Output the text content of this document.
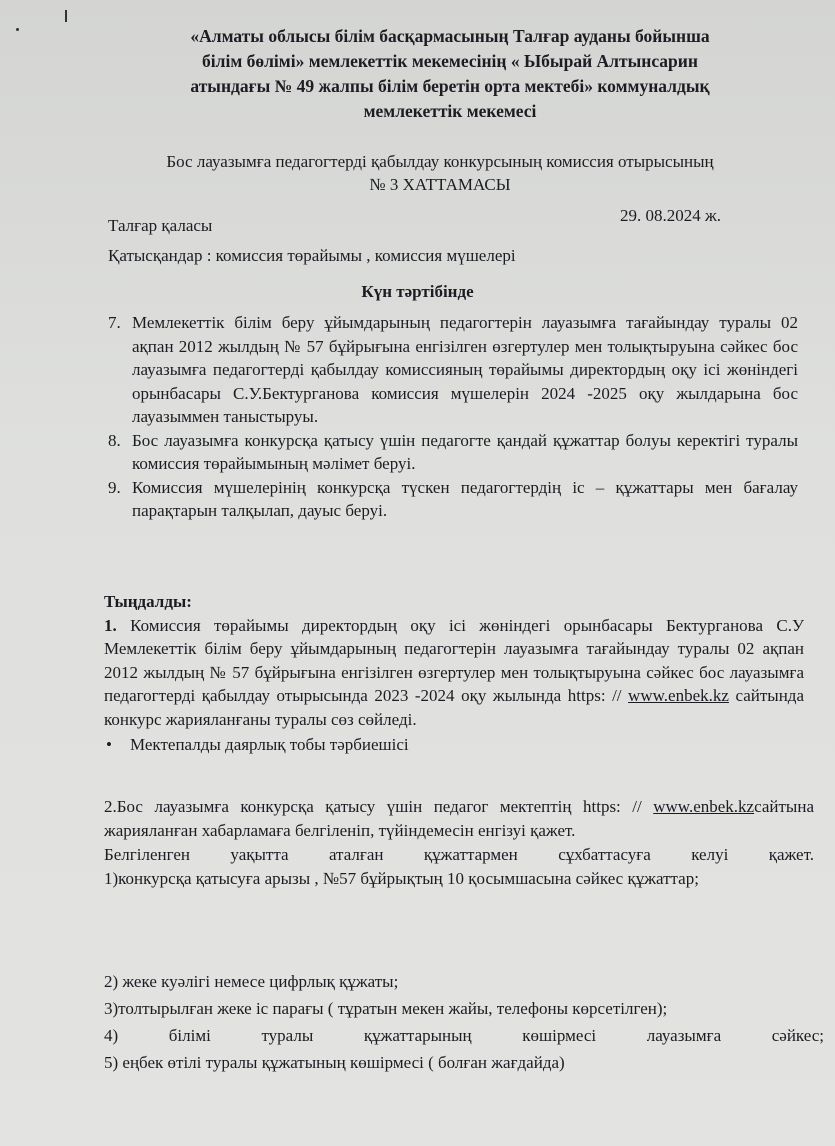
«Алматы облысы білім басқармасының Талғар ауданы бойынша
білім бөлімі» мемлекеттік мекемесінің « Ыбырай Алтынсарин
атындағы № 49 жалпы білім беретін орта мектебі» коммуналдық
мемлекеттік мекемесі
Бос лауазымға педагогтерді қабылдау конкурсының комиссия отырысының
№ 3 ХАТТАМАСЫ
Талғар қаласы
29. 08.2024 ж.
Қатысқандар : комиссия төрайымы , комиссия мүшелері
Күн тәртібінде
7. Мемлекеттік білім беру ұйымдарының педагогтерін лауазымға тағайындау туралы 02 ақпан 2012 жылдың № 57 бұйрығына енгізілген өзгертулер мен толықтыруына сәйкес бос лауазымға педагогтерді қабылдау комиссияның төрайымы директордың оқу ісі жөніндегі орынбасары С.У.Бектурганова комиссия мүшелерін 2024 -2025 оқу жылдарына бос лауазыммен таныстыруы.
8. Бос лауазымға конкурсқа қатысу үшін педагогте қандай құжаттар болуы керектігі туралы комиссия төрайымының мәлімет беруі.
9. Комиссия мүшелерінің конкурсқа түскен педагогтердің іс – құжаттары мен бағалау парақтарын талқылап, дауыс беруі.
Тыңдалды:
1. Комиссия төрайымы директордың оқу ісі жөніндегі орынбасары Бектурганова С.У Мемлекеттік білім беру ұйымдарының педагогтерін лауазымға тағайындау туралы 02 ақпан 2012 жылдың № 57 бұйрығына енгізілген өзгертулер мен толықтыруына сәйкес бос лауазымға педагогтерді қабылдау отырысында 2023 -2024 оқу жылында https: // www.enbek.kz сайтында конкурс жарияланғаны туралы сөз сөйледі.
• Мектепалды даярлық тобы тәрбиешісі
2.Бос лауазымға конкурсқа қатысу үшін педагог мектептің https: // www.enbek.kzсайтына жарияланған хабарламаға белгіленіп, түйіндемесін енгізуі қажет.
Белгіленген уақытта аталған құжаттармен сұхбаттасуға келуі қажет.
1)конкурсқа қатысуға арызы , №57 бұйрықтың 10 қосымшасына сәйкес құжаттар;
2) жеке куәлігі немесе цифрлық құжаты;
3)толтырылған жеке іс парағы ( тұратын мекен жайы, телефоны көрсетілген);
4) білімі туралы құжаттарының көшірмесі лауазымға сәйкес;
5) еңбек өтілі туралы құжатының көшірмесі ( болған жағдайда)
